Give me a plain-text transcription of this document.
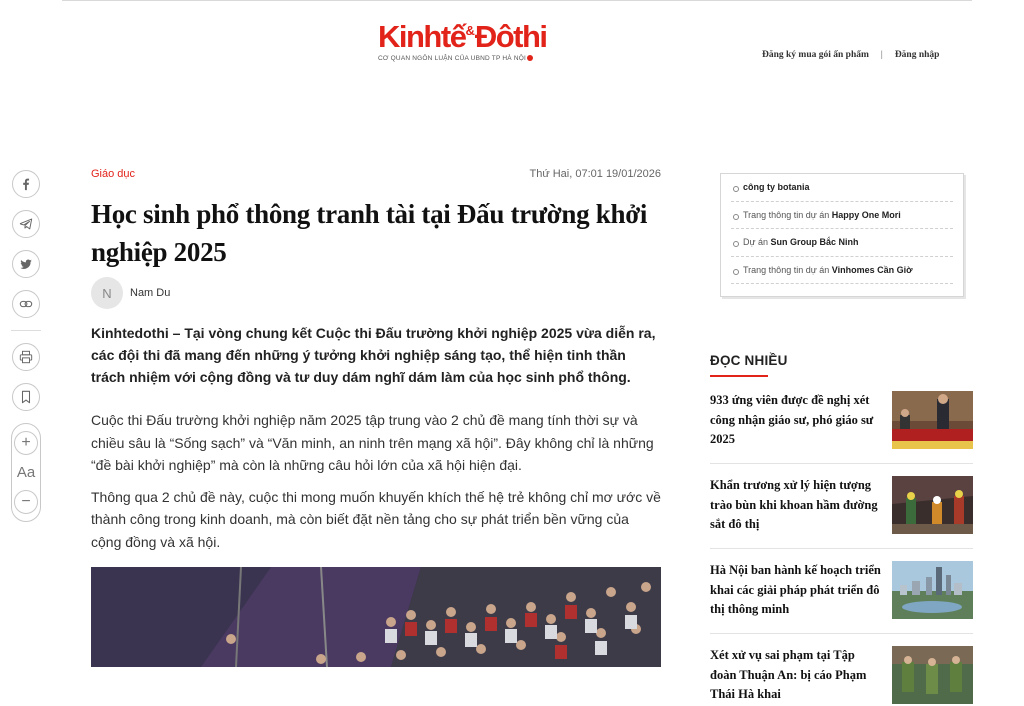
Kinhtế&Đôthi
CƠ QUAN NGÔN LUẬN CỦA UBND TP HÀ NỘI	Đăng ký mua gói ấn phẩm | Đăng nhập
+
Aa
−
Giáo dục	Thứ Hai, 07:01 19/01/2026
Học sinh phổ thông tranh tài tại Đấu trường khởi nghiệp 2025
N	Nam Du
Kinhtedothi – Tại vòng chung kết Cuộc thi Đấu trường khởi nghiệp 2025 vừa diễn ra, các đội thi đã mang đến những ý tưởng khởi nghiệp sáng tạo, thể hiện tinh thần trách nhiệm với cộng đồng và tư duy dám nghĩ dám làm của học sinh phổ thông.
Cuộc thi Đấu trường khởi nghiệp năm 2025 tập trung vào 2 chủ đề mang tính thời sự và chiều sâu là “Sống sạch” và “Văn minh, an ninh trên mạng xã hội”. Đây không chỉ là những “đề bài khởi nghiệp” mà còn là những câu hỏi lớn của xã hội hiện đại.
Thông qua 2 chủ đề này, cuộc thi mong muốn khuyến khích thế hệ trẻ không chỉ mơ ước về thành công trong kinh doanh, mà còn biết đặt nền tảng cho sự phát triển bền vững của cộng đồng và xã hội.
công ty botania
Trang thông tin dự án Happy One Mori
Dự án Sun Group Bắc Ninh
Trang thông tin dự án Vinhomes Cần Giờ
ĐỌC NHIỀU
933 ứng viên được đề nghị xét công nhận giáo sư, phó giáo sư 2025
Khẩn trương xử lý hiện tượng trào bùn khi khoan hầm đường sắt đô thị
Hà Nội ban hành kế hoạch triển khai các giải pháp phát triển đô thị thông minh
Xét xử vụ sai phạm tại Tập đoàn Thuận An: bị cáo Phạm Thái Hà khai
